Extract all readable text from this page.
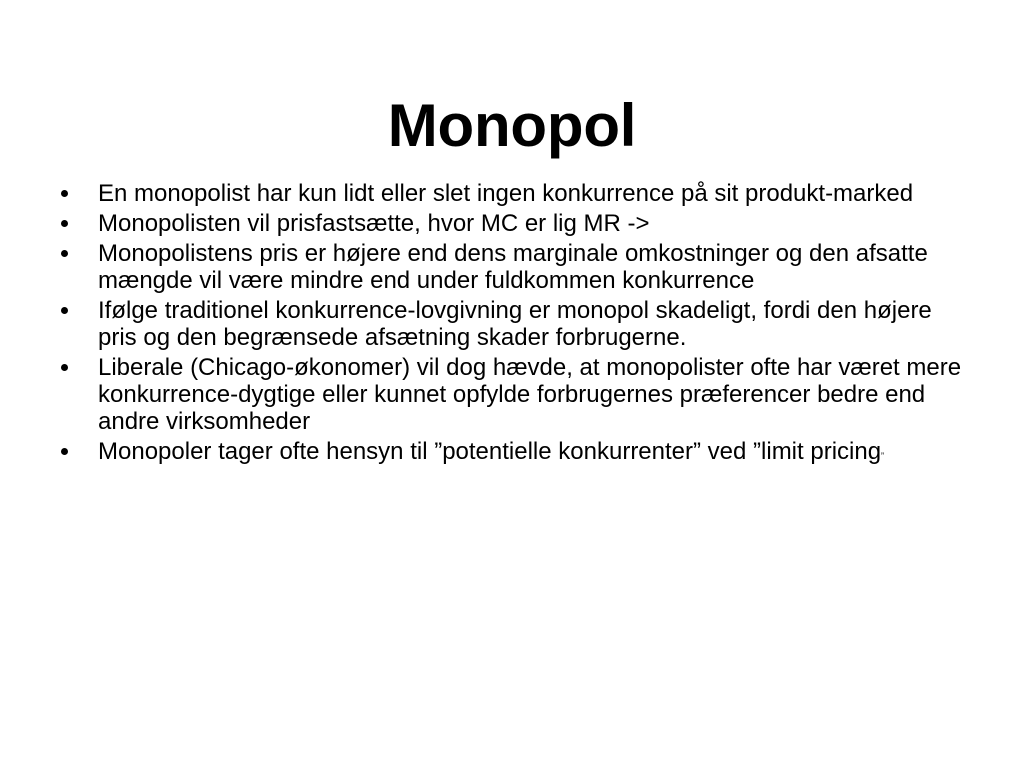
Monopol
En monopolist har kun lidt eller slet ingen konkurrence på sit produkt-marked
Monopolisten vil prisfastsætte, hvor MC er lig MR ->
Monopolistens pris er højere end dens marginale omkostninger og den afsatte mængde vil være mindre end under fuldkommen konkurrence
Ifølge traditionel konkurrence-lovgivning er monopol skadeligt, fordi den højere pris og den begrænsede afsætning skader forbrugerne.
Liberale (Chicago-økonomer) vil dog hævde, at monopolister ofte har været mere konkurrence-dygtige eller kunnet opfylde forbrugernes præferencer bedre end andre virksomheder
Monopoler tager ofte hensyn til ”potentielle konkurrenter” ved ”limit pricing”
